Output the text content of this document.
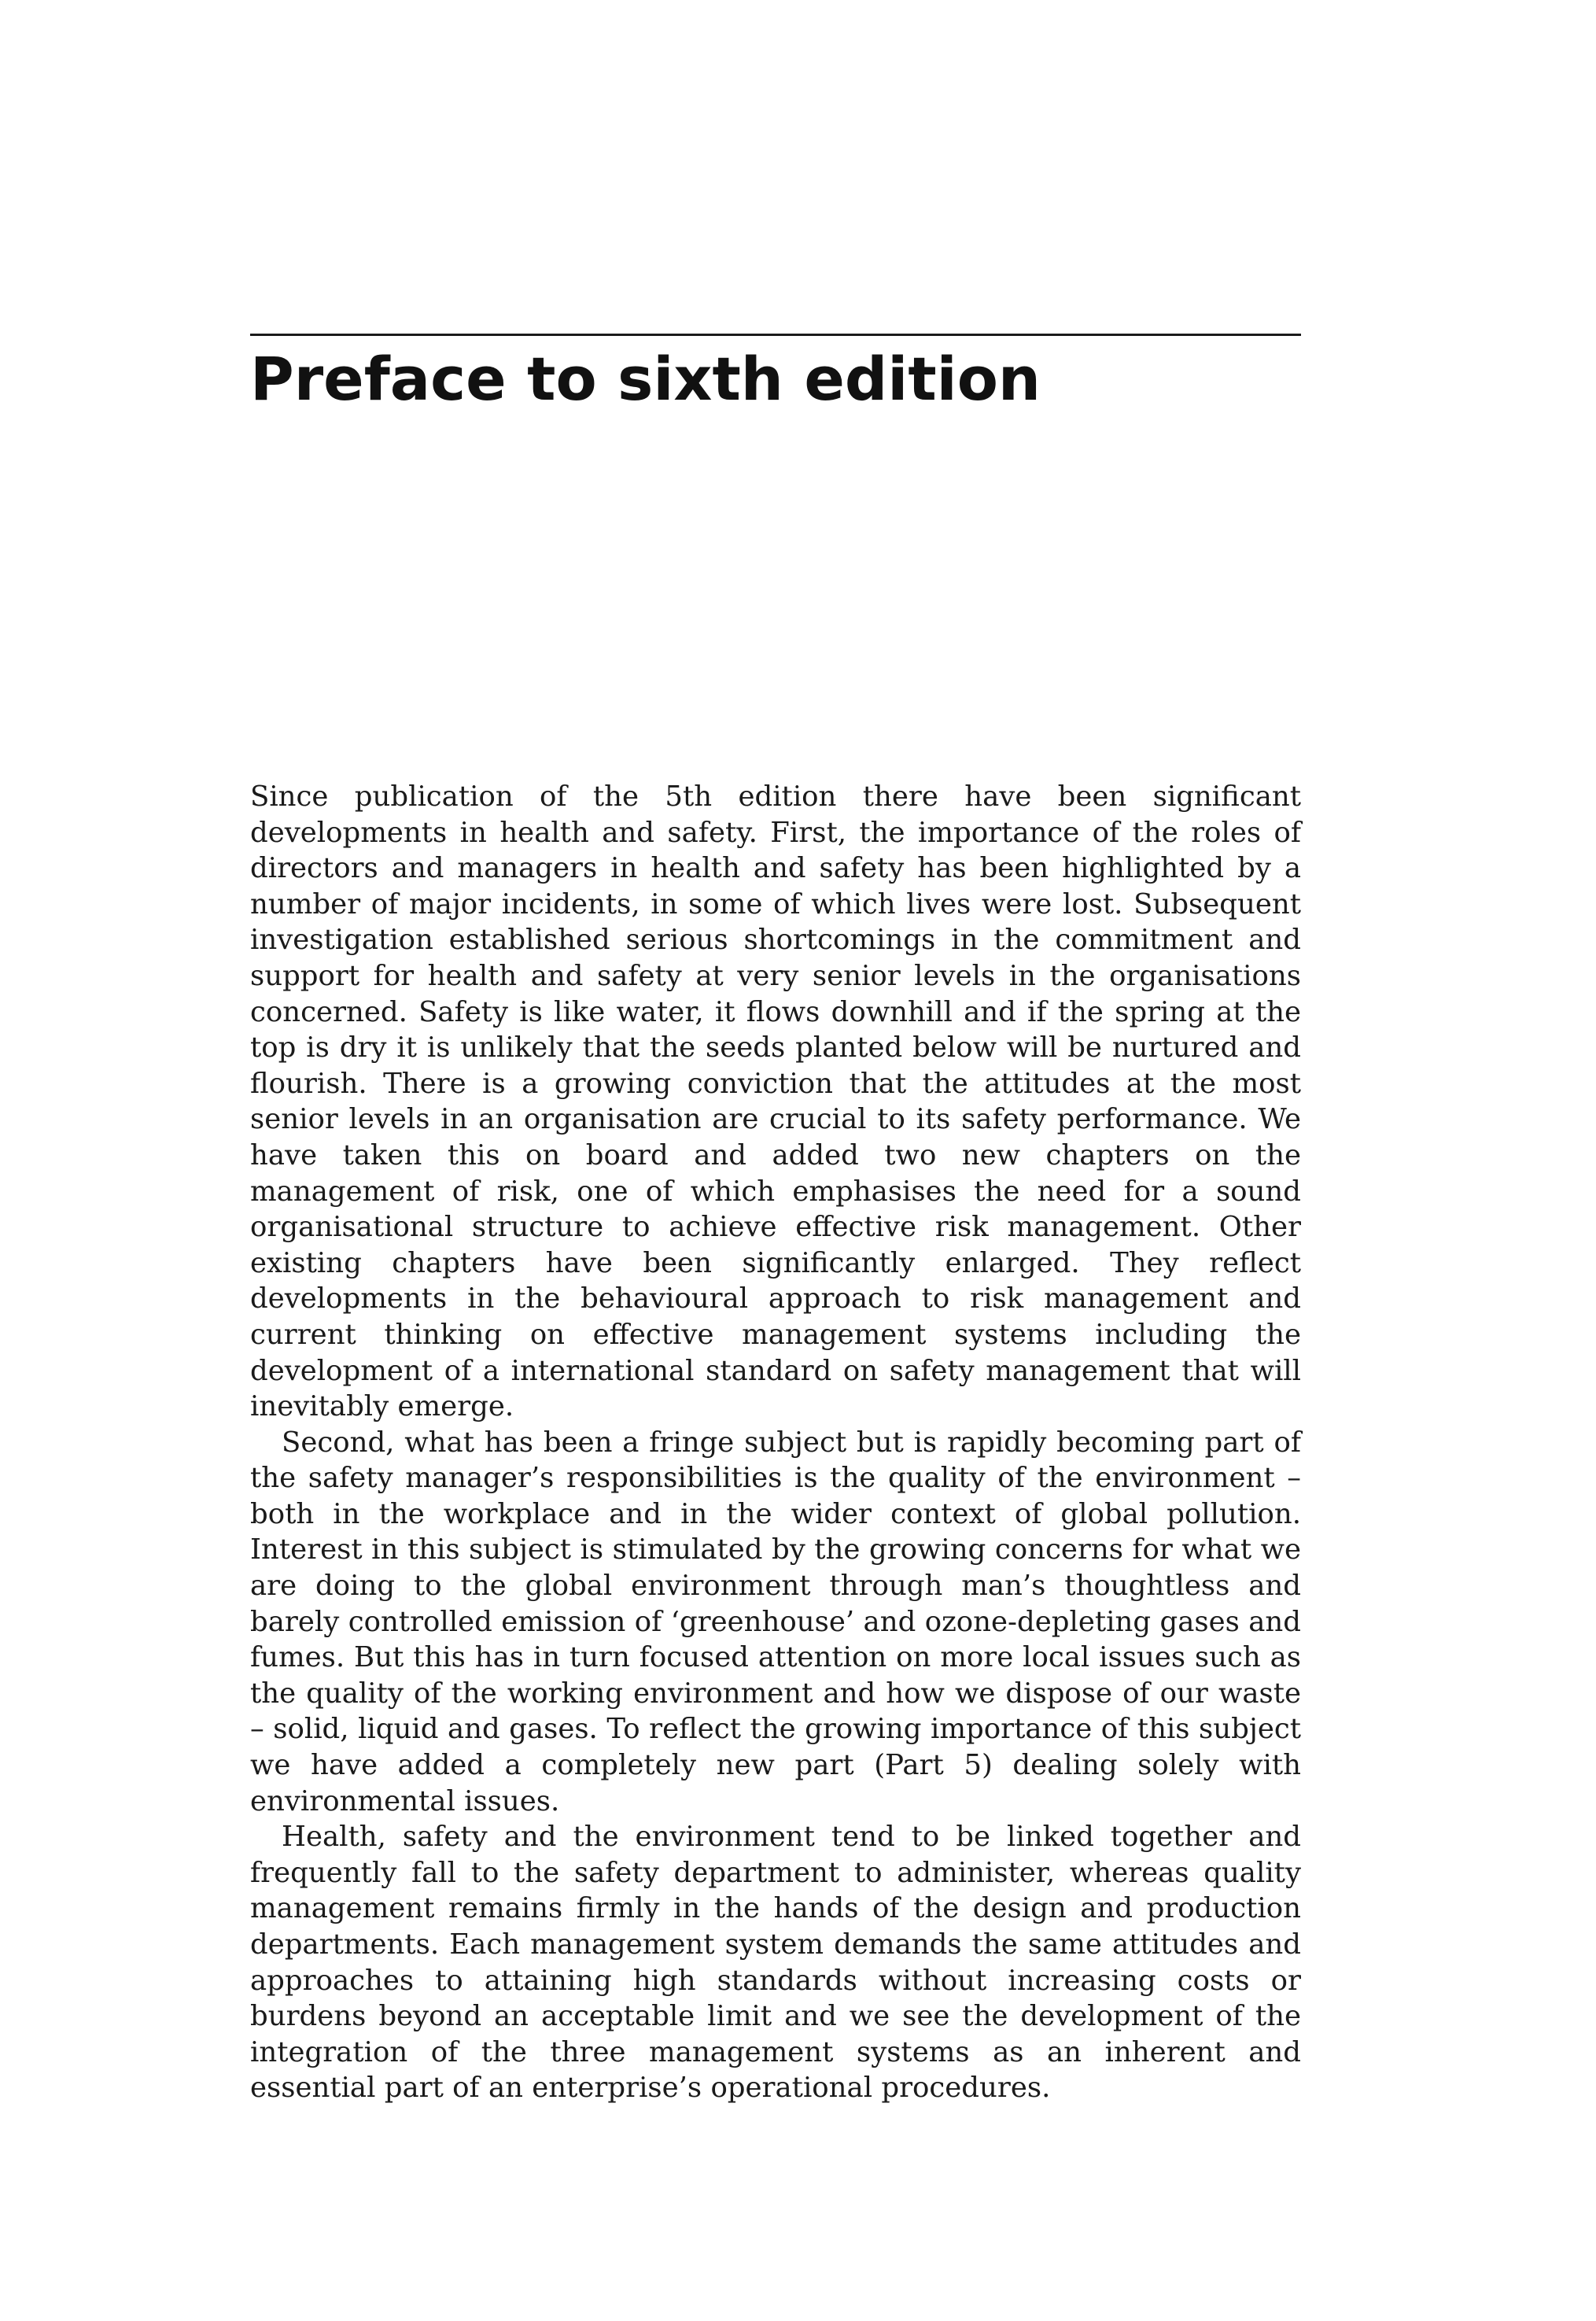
Preface to sixth edition

Since publication of the 5th edition there have been significant developments in health and safety. First, the importance of the roles of directors and managers in health and safety has been highlighted by a number of major incidents, in some of which lives were lost. Subsequent investigation established serious shortcomings in the commitment and support for health and safety at very senior levels in the organisations concerned. Safety is like water, it flows downhill and if the spring at the top is dry it is unlikely that the seeds planted below will be nurtured and flourish. There is a growing conviction that the attitudes at the most senior levels in an organisation are crucial to its safety performance. We have taken this on board and added two new chapters on the management of risk, one of which emphasises the need for a sound organisational structure to achieve effective risk management. Other existing chapters have been significantly enlarged. They reflect developments in the behavioural approach to risk management and current thinking on effective management systems including the development of a international standard on safety management that will inevitably emerge.

Second, what has been a fringe subject but is rapidly becoming part of the safety manager’s responsibilities is the quality of the environment – both in the workplace and in the wider context of global pollution. Interest in this subject is stimulated by the growing concerns for what we are doing to the global environment through man’s thoughtless and barely controlled emission of ‘greenhouse’ and ozone-depleting gases and fumes. But this has in turn focused attention on more local issues such as the quality of the working environment and how we dispose of our waste – solid, liquid and gases. To reflect the growing importance of this subject we have added a completely new part (Part 5) dealing solely with environmental issues.

Health, safety and the environment tend to be linked together and frequently fall to the safety department to administer, whereas quality management remains firmly in the hands of the design and production departments. Each management system demands the same attitudes and approaches to attaining high standards without increasing costs or burdens beyond an acceptable limit and we see the development of the integration of the three management systems as an inherent and essential part of an enterprise’s operational procedures.
